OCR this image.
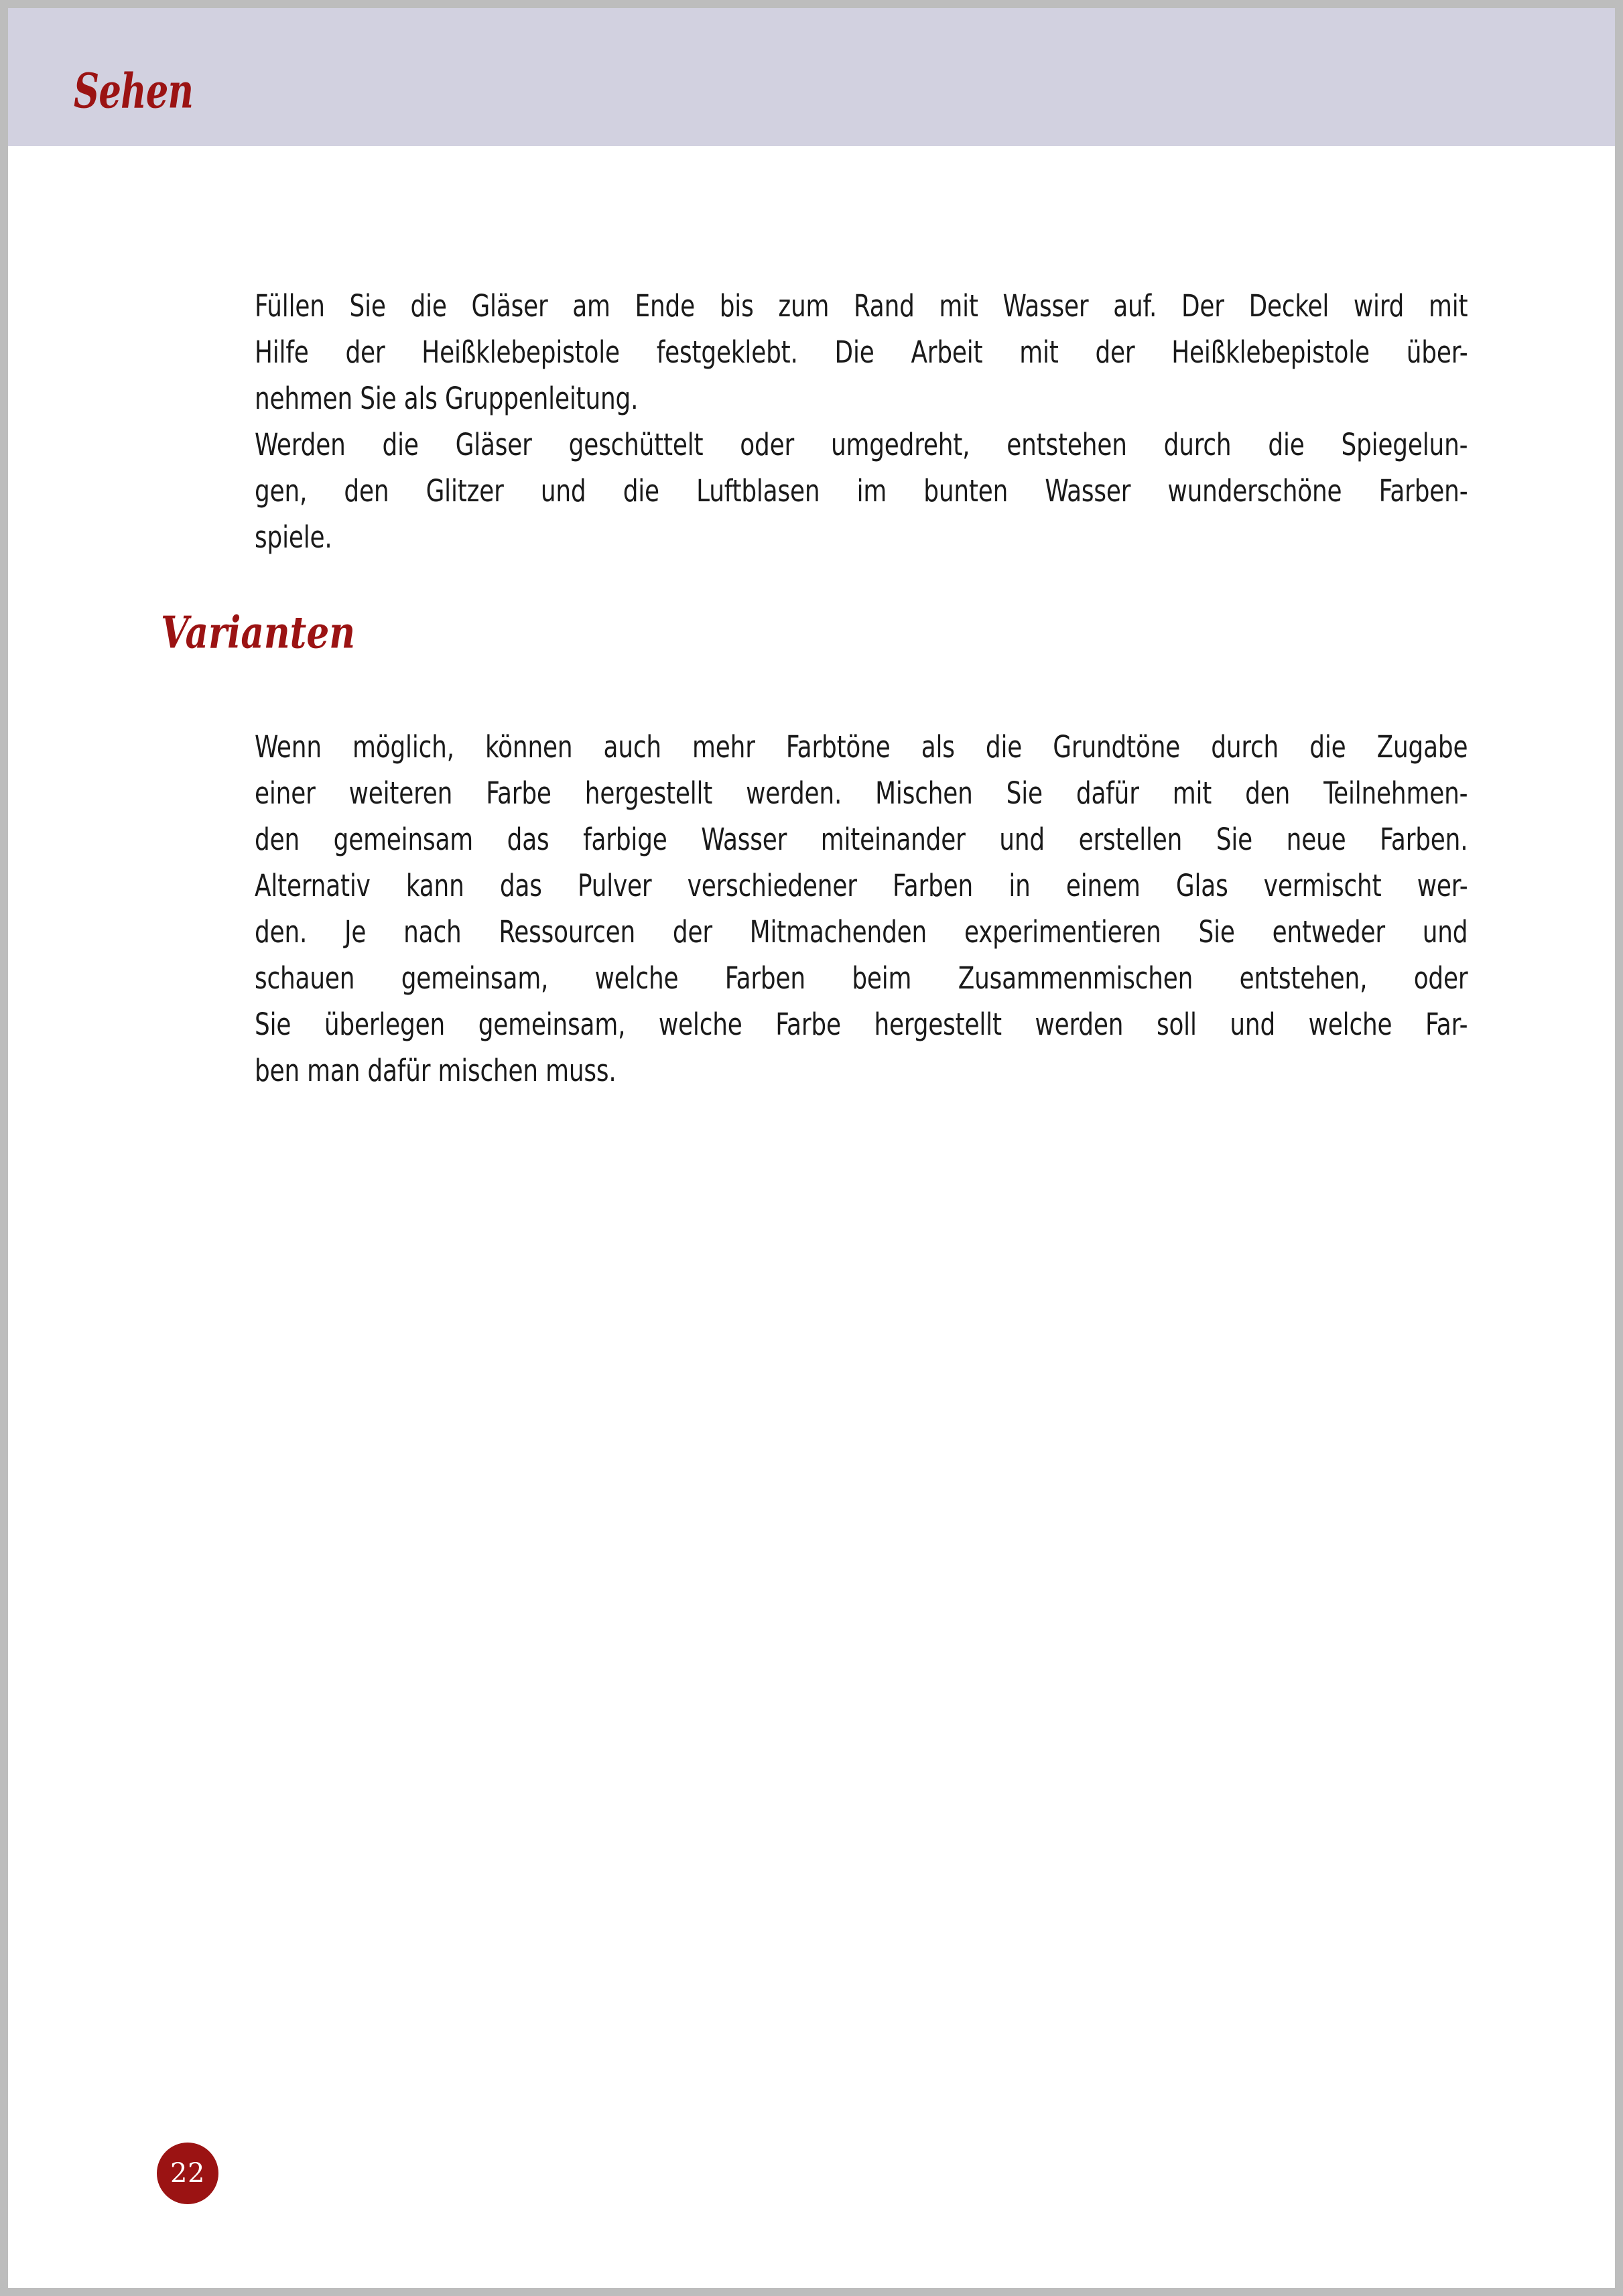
Sehen

Füllen Sie die Gläser am Ende bis zum Rand mit Wasser auf. Der Deckel wird mit
Hilfe der Heißklebepistole festgeklebt. Die Arbeit mit der Heißklebepistole über-
nehmen Sie als Gruppenleitung.

Werden die Gläser geschüttelt oder umgedreht, entstehen durch die Spiegelun-
gen, den Glitzer und die Luftblasen im bunten Wasser wunderschöne Farben-
spiele.

Varianten

Wenn möglich, können auch mehr Farbtöne als die Grundtöne durch die Zugabe
einer weiteren Farbe hergestellt werden. Mischen Sie dafür mit den Teilnehmen-
den gemeinsam das farbige Wasser miteinander und erstellen Sie neue Farben.
Alternativ kann das Pulver verschiedener Farben in einem Glas vermischt wer-
den. Je nach Ressourcen der Mitmachenden experimentieren Sie entweder und
schauen gemeinsam, welche Farben beim Zusammenmischen entstehen, oder
Sie überlegen gemeinsam, welche Farbe hergestellt werden soll und welche Far-
ben man dafür mischen muss.

22
